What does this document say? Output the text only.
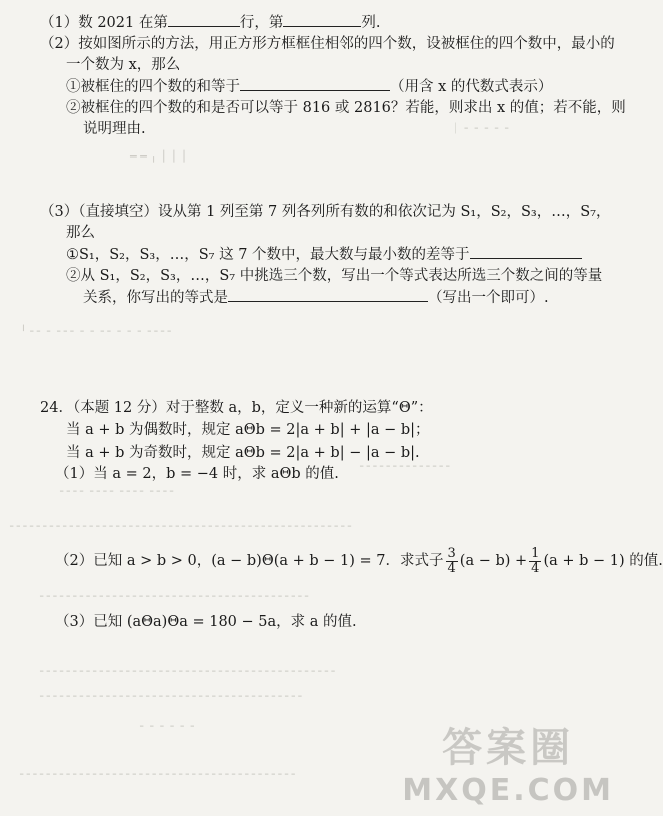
｜ ╴ ╴ ╴ ╴ ╴
═ ═ ╷ │ │ │
╵ ╴╴ ╴ ╴╴╴ ╴ ╴ ╴╴ ╴ ╴ ╴ ╴╴╴╴
╴╴╴╴╴╴╴╴╴╴╴╴╴╴
╴╴╴╴ ╴╴╴╴ ╴╴╴╴ ╴╴╴╴
╴╴╴╴╴╴╴╴╴╴╴╴╴╴╴╴╴╴╴╴╴╴╴╴╴╴╴╴╴╴╴╴╴╴╴╴╴╴╴╴╴╴╴╴╴╴╴╴╴╴╴╴
╴╴╴╴╴╴╴╴╴╴╴╴╴╴╴╴╴╴╴╴╴╴╴╴╴╴╴╴╴╴╴╴╴╴╴╴╴╴╴╴╴
╴╴╴╴╴╴╴╴╴╴╴╴╴╴╴╴╴╴╴╴╴╴╴╴╴╴╴╴╴╴╴╴╴╴╴╴╴╴╴╴╴╴╴╴╴
╴╴╴╴╴╴╴╴╴╴╴╴╴╴╴╴╴╴╴╴╴╴╴╴╴╴╴╴╴╴╴╴╴╴╴╴╴╴╴╴
╴ ╴ ╴ ╴ ╴ ╴
╴╴╴╴╴╴╴╴╴╴╴╴╴╴╴╴╴╴╴╴╴╴╴╴╴╴╴╴╴╴╴╴╴╴╴╴╴╴╴╴╴╴
（1）数 2021 在第	行，第	列.
（2）按如图所示的方法，用正方形方框框住相邻的四个数，设被框住的四个数中，最小的
一个数为 x，那么
①被框住的四个数的和等于	（用含 x 的代数式表示）
②被框住的四个数的和是否可以等于 816 或 2816？若能，则求出 x 的值；若不能，则
说明理由.
（3）（直接填空）设从第 1 列至第 7 列各列所有数的和依次记为 S₁，S₂，S₃，…，S₇，
那么
①S₁，S₂，S₃，…，S₇ 这 7 个数中，最大数与最小数的差等于
②从 S₁，S₂，S₃，…，S₇ 中挑选三个数，写出一个等式表达所选三个数之间的等量
关系，你写出的等式是	（写出一个即可）.
24．（本题 12 分）对于整数 a，b，定义一种新的运算“Θ”：
当 a + b 为偶数时，规定 aΘb = 2|a + b| + |a − b|；
当 a + b 为奇数时，规定 aΘb = 2|a + b| − |a − b|.
（1）当 a = 2，b = −4 时，求 aΘb 的值.
（2）已知 a > b > 0，(a − b)Θ(a + b − 1) = 7．求式子 $\frac{3}{4} (a - b) + \frac{1}{4} (a + b - 1)$ 的值.
（3）已知 (aΘa)Θa = 180 − 5a，求 a 的值.
答案圈
MXQE.COM
